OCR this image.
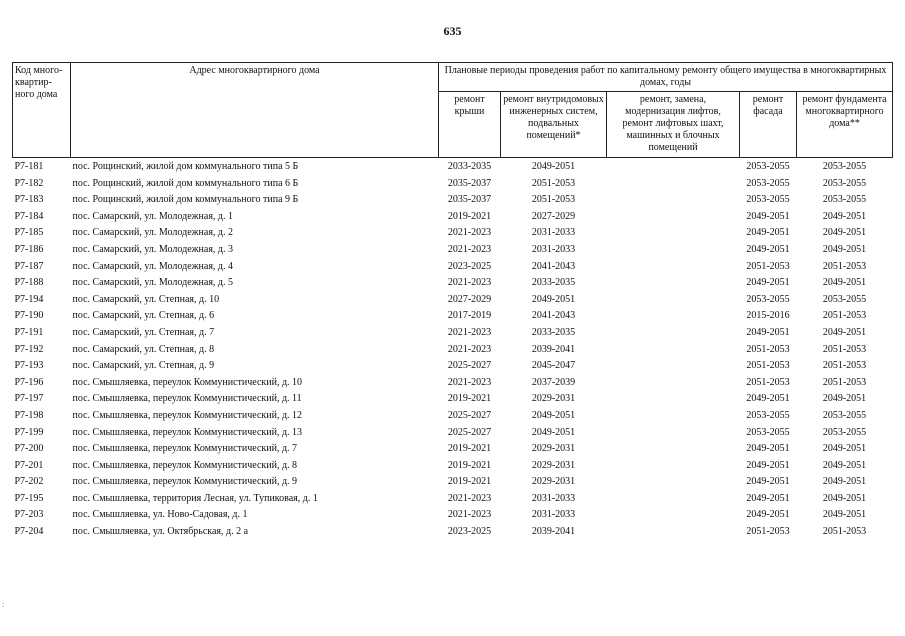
635
Код много-квартир-ного дома	Адрес многоквартирного дома	Плановые периоды проведения работ по капитальному ремонту общего имущества в многоквартирных домах, годы				
		ремонт крыши	ремонт внутридомовых инженерных систем, подвальных помещений*	ремонт, замена, модернизация лифтов, ремонт лифтовых шахт, машинных и блочных помещений	ремонт фасада	ремонт фундамента многоквартирного дома**
Р7-181	пос. Рощинский, жилой дом коммунального типа 5 Б	2033-2035	2049-2051		2053-2055	2053-2055
Р7-182	пос. Рощинский, жилой дом коммунального типа 6 Б	2035-2037	2051-2053		2053-2055	2053-2055
Р7-183	пос. Рощинский, жилой дом коммунального типа 9 Б	2035-2037	2051-2053		2053-2055	2053-2055
Р7-184	пос. Самарский, ул. Молодежная, д. 1	2019-2021	2027-2029		2049-2051	2049-2051
Р7-185	пос. Самарский, ул. Молодежная, д. 2	2021-2023	2031-2033		2049-2051	2049-2051
Р7-186	пос. Самарский, ул. Молодежная, д. 3	2021-2023	2031-2033		2049-2051	2049-2051
Р7-187	пос. Самарский, ул. Молодежная, д. 4	2023-2025	2041-2043		2051-2053	2051-2053
Р7-188	пос. Самарский, ул. Молодежная, д. 5	2021-2023	2033-2035		2049-2051	2049-2051
Р7-194	пос. Самарский, ул. Степная, д. 10	2027-2029	2049-2051		2053-2055	2053-2055
Р7-190	пос. Самарский, ул. Степная, д. 6	2017-2019	2041-2043		2015-2016	2051-2053
Р7-191	пос. Самарский, ул. Степная, д. 7	2021-2023	2033-2035		2049-2051	2049-2051
Р7-192	пос. Самарский, ул. Степная, д. 8	2021-2023	2039-2041		2051-2053	2051-2053
Р7-193	пос. Самарский, ул. Степная, д. 9	2025-2027	2045-2047		2051-2053	2051-2053
Р7-196	пос. Смышляевка, переулок Коммунистический, д. 10	2021-2023	2037-2039		2051-2053	2051-2053
Р7-197	пос. Смышляевка, переулок Коммунистический, д. 11	2019-2021	2029-2031		2049-2051	2049-2051
Р7-198	пос. Смышляевка, переулок Коммунистический, д. 12	2025-2027	2049-2051		2053-2055	2053-2055
Р7-199	пос. Смышляевка, переулок Коммунистический, д. 13	2025-2027	2049-2051		2053-2055	2053-2055
Р7-200	пос. Смышляевка, переулок Коммунистический, д. 7	2019-2021	2029-2031		2049-2051	2049-2051
Р7-201	пос. Смышляевка, переулок Коммунистический, д. 8	2019-2021	2029-2031		2049-2051	2049-2051
Р7-202	пос. Смышляевка, переулок Коммунистический, д. 9	2019-2021	2029-2031		2049-2051	2049-2051
Р7-195	пос. Смышляевка, территория Лесная, ул. Тупиковая, д. 1	2021-2023	2031-2033		2049-2051	2049-2051
Р7-203	пос. Смышляевка, ул. Ново-Садовая, д. 1	2021-2023	2031-2033		2049-2051	2049-2051
Р7-204	пос. Смышляевка, ул. Октябрьская, д. 2 а	2023-2025	2039-2041		2051-2053	2051-2053
:
